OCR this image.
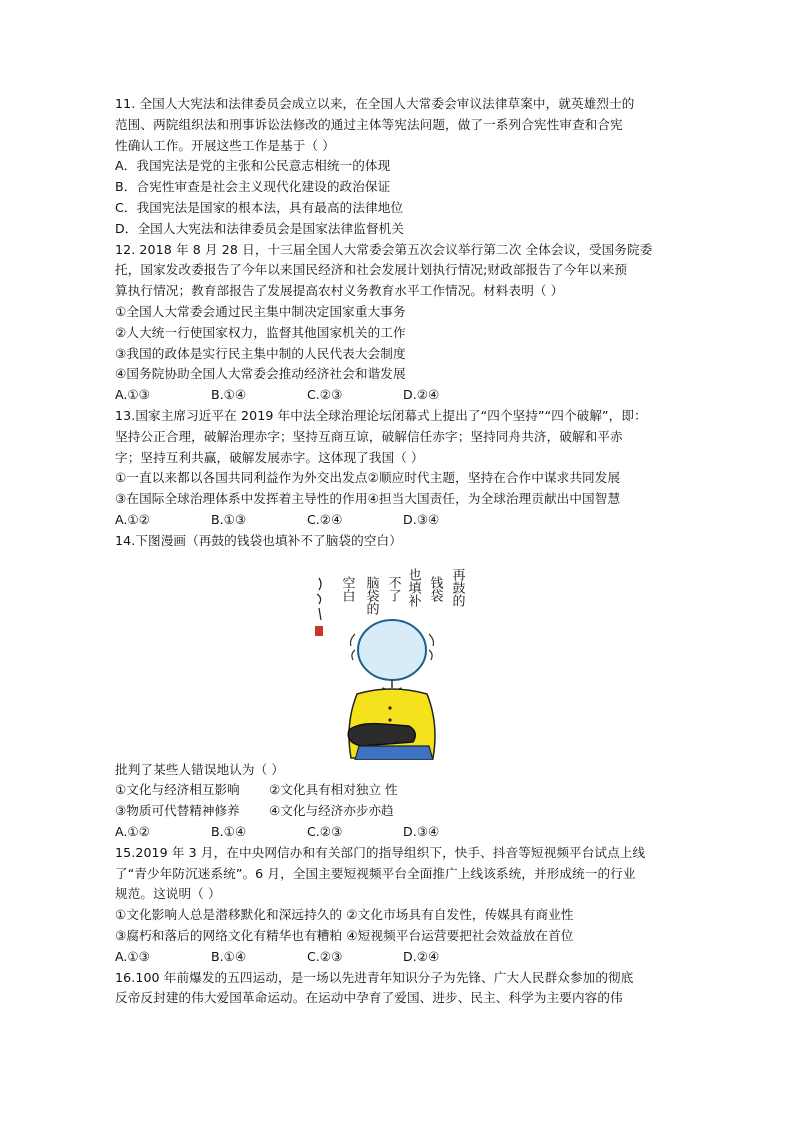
11. 全国人大宪法和法律委员会成立以来，在全国人大常委会审议法律草案中，就英雄烈士的
范围、两院组织法和刑事诉讼法修改的通过主体等宪法问题，做了一系列合宪性审查和合宪
性确认工作。开展这些工作是基于（ ）
A．我国宪法是党的主张和公民意志相统一的体现
B．合宪性审查是社会主义现代化建设的政治保证
C．我国宪法是国家的根本法，具有最高的法律地位
D．全国人大宪法和法律委员会是国家法律监督机关
12. 2018 年 8 月 28 日，十三届全国人大常委会第五次会议举行第二次 全体会议，受国务院委
托，国家发改委报告了今年以来国民经济和社会发展计划执行情况;财政部报告了今年以来预
算执行情况；教育部报告了发展提高农村义务教育水平工作情况。材料表明（ ）
①全国人大常委会通过民主集中制决定国家重大事务
②人大统一行使国家权力，监督其他国家机关的工作
③我国的政体是实行民主集中制的人民代表大会制度
④国务院协助全国人大常委会推动经济社会和谐发展
A.①③	B.①④	C.②③	D.②④
13.国家主席习近平在 2019 年中法全球治理论坛闭幕式上提出了“四个坚持”“四个破解”，即：
坚持公正合理，破解治理赤字；坚持互商互谅，破解信任赤字；坚持同舟共济，破解和平赤
字；坚持互利共赢，破解发展赤字。这体现了我国（ ）
①一直以来都以各国共同利益作为外交出发点②顺应时代主题，坚持在合作中谋求共同发展
③在国际全球治理体系中发挥着主导性的作用④担当大国责任，为全球治理贡献出中国智慧
A.①②	B.①③	C.②④	D.③④
14.下图漫画（再鼓的钱袋也填补不了脑袋的空白）
再鼓的
钱袋
也填补
不了
脑袋的
空白
批判了某些人错误地认为（ ）
①文化与经济相互影响	②文化具有相对独立 性
③物质可代替精神修养	④文化与经济亦步亦趋
A.①②	B.①④	C.②③	D.③④
15.2019 年 3 月，在中央网信办和有关部门的指导组织下，快手、抖音等短视频平台试点上线
了“青少年防沉迷系统”。6 月，全国主要短视频平台全面推广上线该系统，并形成统一的行业
规范。这说明（ ）
①文化影响人总是潜移默化和深远持久的 ②文化市场具有自发性，传媒具有商业性
③腐朽和落后的网络文化有精华也有糟粕 ④短视频平台运营要把社会效益放在首位
A.①③	B.①④	C.②③	D.②④
16.100 年前爆发的五四运动，是一场以先进青年知识分子为先锋、广大人民群众参加的彻底
反帝反封建的伟大爱国革命运动。在运动中孕育了爱国、进步、民主、科学为主要内容的伟
